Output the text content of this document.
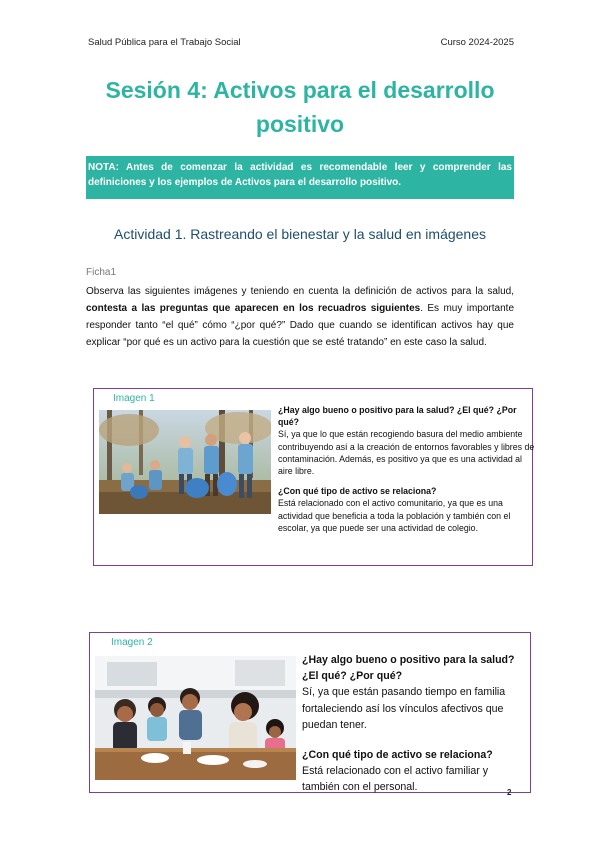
Salud Pública para el Trabajo Social	Curso 2024-2025
Sesión 4: Activos para el desarrollo
positivo
NOTA: Antes de comenzar la actividad es recomendable leer y comprender las definiciones y los ejemplos de Activos para el desarrollo positivo.
Actividad 1. Rastreando el bienestar y la salud en imágenes
Ficha1
Observa las siguientes imágenes y teniendo en cuenta la definición de activos para la salud, contesta a las preguntas que aparecen en los recuadros siguientes. Es muy importante responder tanto “el qué” cómo “¿por qué?” Dado que cuando se identifican activos hay que explicar “por qué es un activo para la cuestión que se esté tratando” en este caso la salud.
Imagen 1
¿Hay algo bueno o positivo para la salud? ¿El qué? ¿Por qué?
Sí, ya que lo que están recogiendo basura del medio ambiente contribuyendo así a la creación de entornos favorables y libres de contaminación. Además, es positivo ya que es una actividad al aire libre.
¿Con qué tipo de activo se relaciona?
Está relacionado con el activo comunitario, ya que es una actividad que beneficia a toda la población y también con el escolar, ya que puede ser una actividad de colegio.
Imagen 2
¿Hay algo bueno o positivo para la salud? ¿El qué? ¿Por qué?
Sí, ya que están pasando tiempo en familia fortaleciendo así los vínculos afectivos que puedan tener.
¿Con qué tipo de activo se relaciona?
Está relacionado con el activo familiar y también con el personal.	2
